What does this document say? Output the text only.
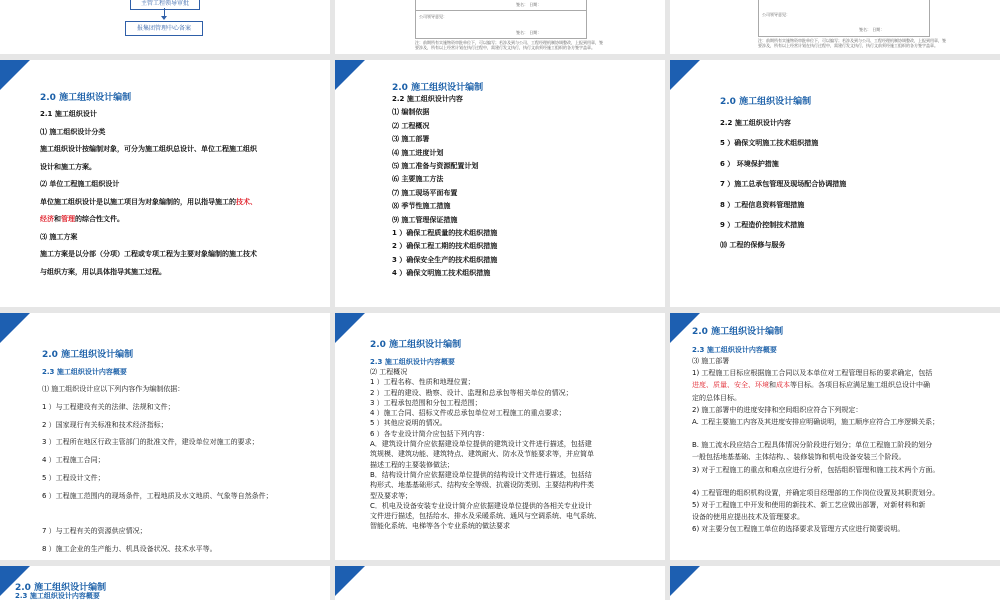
主管工程领导审批
报集团管理中心备案
签名： 日期：
公司领导意见：
签名： 日期：
注：前期所有实施物资审批单位下，可以编写；若涉及到与公司、工程经理机制协调整改，上报到用章，签
要涉及，所有以上经营计划在执行过程中，需建行发文执行，执行文前须经施工组织的各方签字盖章。
公司领导意见：
签名： 日期：
注：前期所有实施物资审批单位下，可以编写；若涉及到与公司、工程经理机制协调整改，上报到用章，签
要涉及，所有以上经营计划在执行过程中，需建行发文执行，执行文前须经施工组织的各方签字盖章。
2.0 施工组织设计编制
2.1 施工组织设计
⑴ 施工组织设计分类
施工组织设计按编制对象，可分为施工组织总设计、单位工程施工组织
设计和施工方案。
⑵ 单位工程施工组织设计
单位施工组织设计是以施工项目为对象编制的，用以指导施工的技术、
经济和管理的综合性文件。
⑶ 施工方案
施工方案是以分部（分项）工程或专项工程为主要对象编制的施工技术
与组织方案，用以具体指导其施工过程。
2.0 施工组织设计编制
2.2 施工组织设计内容
⑴ 编制依据
⑵ 工程概况
⑶ 施工部署
⑷ 施工进度计划
⑸ 施工准备与资源配置计划
⑹ 主要施工方法
⑺ 施工现场平面布置
⑻ 季节性施工措施
⑼ 施工管理保证措施
1 ）确保工程质量的技术组织措施
2 ）确保工程工期的技术组织措施
3 ）确保安全生产的技术组织措施
4 ）确保文明施工技术组织措施
2.0 施工组织设计编制
2.2 施工组织设计内容
5 ）确保文明施工技术组织措施
6 ） 环境保护措施
7 ）施工总承包管理及现场配合协调措施
8 ）工程信息资料管理措施
9 ）工程造价控制技术措施
⑽ 工程的保修与服务
2.0 施工组织设计编制
2.3 施工组织设计内容概要
⑴ 施工组织设计应以下列内容作为编制依据：
1 ）与工程建设有关的法律、法规和文件；
2 ）国家现行有关标准和技术经济指标；
3 ）工程所在地区行政主管部门的批准文件，建设单位对施工的要求；
4 ）工程施工合同；
5 ）工程设计文件；
6 ）工程施工范围内的现场条件，工程地质及水文地质、气象等自然条件；
7 ）与工程有关的资源供应情况；
8 ）施工企业的生产能力、机具设备状况、技术水平等。
2.0 施工组织设计编制
2.3 施工组织设计内容概要
⑵ 工程概况
1 ）工程名称、性质和地理位置；
2 ）工程的建设、勘察、设计、监理和总承包等相关单位的情况；
3 ）工程承包范围和分包工程范围；
4 ）施工合同、招标文件或总承包单位对工程施工的重点要求；
5 ）其他应说明的情况。
6 ）各专业设计简介应包括下列内容：
A．建筑设计简介应依据建设单位提供的建筑设计文件进行描述，包括建
筑规模、建筑功能、建筑特点、建筑耐火、防水及节能要求等，并应简单
描述工程的主要装修做法；
B．结构设计简介应依据建设单位提供的结构设计文件进行描述，包括结
构形式、地基基础形式、结构安全等级、抗震设防类别、主要结构构件类
型及要求等；
C．机电及设备安装专业设计简介应依据建设单位提供的各相关专业设计
文件进行描述，包括给水、排水及采暖系统、通风与空调系统、电气系统、
智能化系统、电梯等各个专业系统的做法要求
2.0 施工组织设计编制
2.3 施工组织设计内容概要
⑶ 施工部署
1) 工程施工目标应根据施工合同以及本单位对工程管理目标的要求确定，包括
进度、质量、安全、环境和成本等目标。各项目标应满足施工组织总设计中确
定的总体目标。
2) 施工部署中的进度安排和空间组织应符合下列规定：
A. 工程主要施工内容及其进度安排应明确说明，施工顺序应符合工序逻辑关系；
B. 施工流水段应结合工程具体情况分阶段进行划分；单位工程施工阶段的划分
一般包括地基基础、主体结构、、装修装饰和机电设备安装三个阶段。
3) 对于工程施工的重点和难点应进行分析，包括组织管理和施工技术两个方面。
4) 工程管理的组织机构设置，并确定项目经理部的工作岗位设置及其职责划分。
5) 对于工程施工中开发和使用的新技术、新工艺应做出部署，对新材料和新
设备的使用应提出技术及管理要求。
6) 对主要分包工程施工单位的选择要求及管理方式应进行简要说明。
2.0 施工组织设计编制
2.3 施工组织设计内容概要
